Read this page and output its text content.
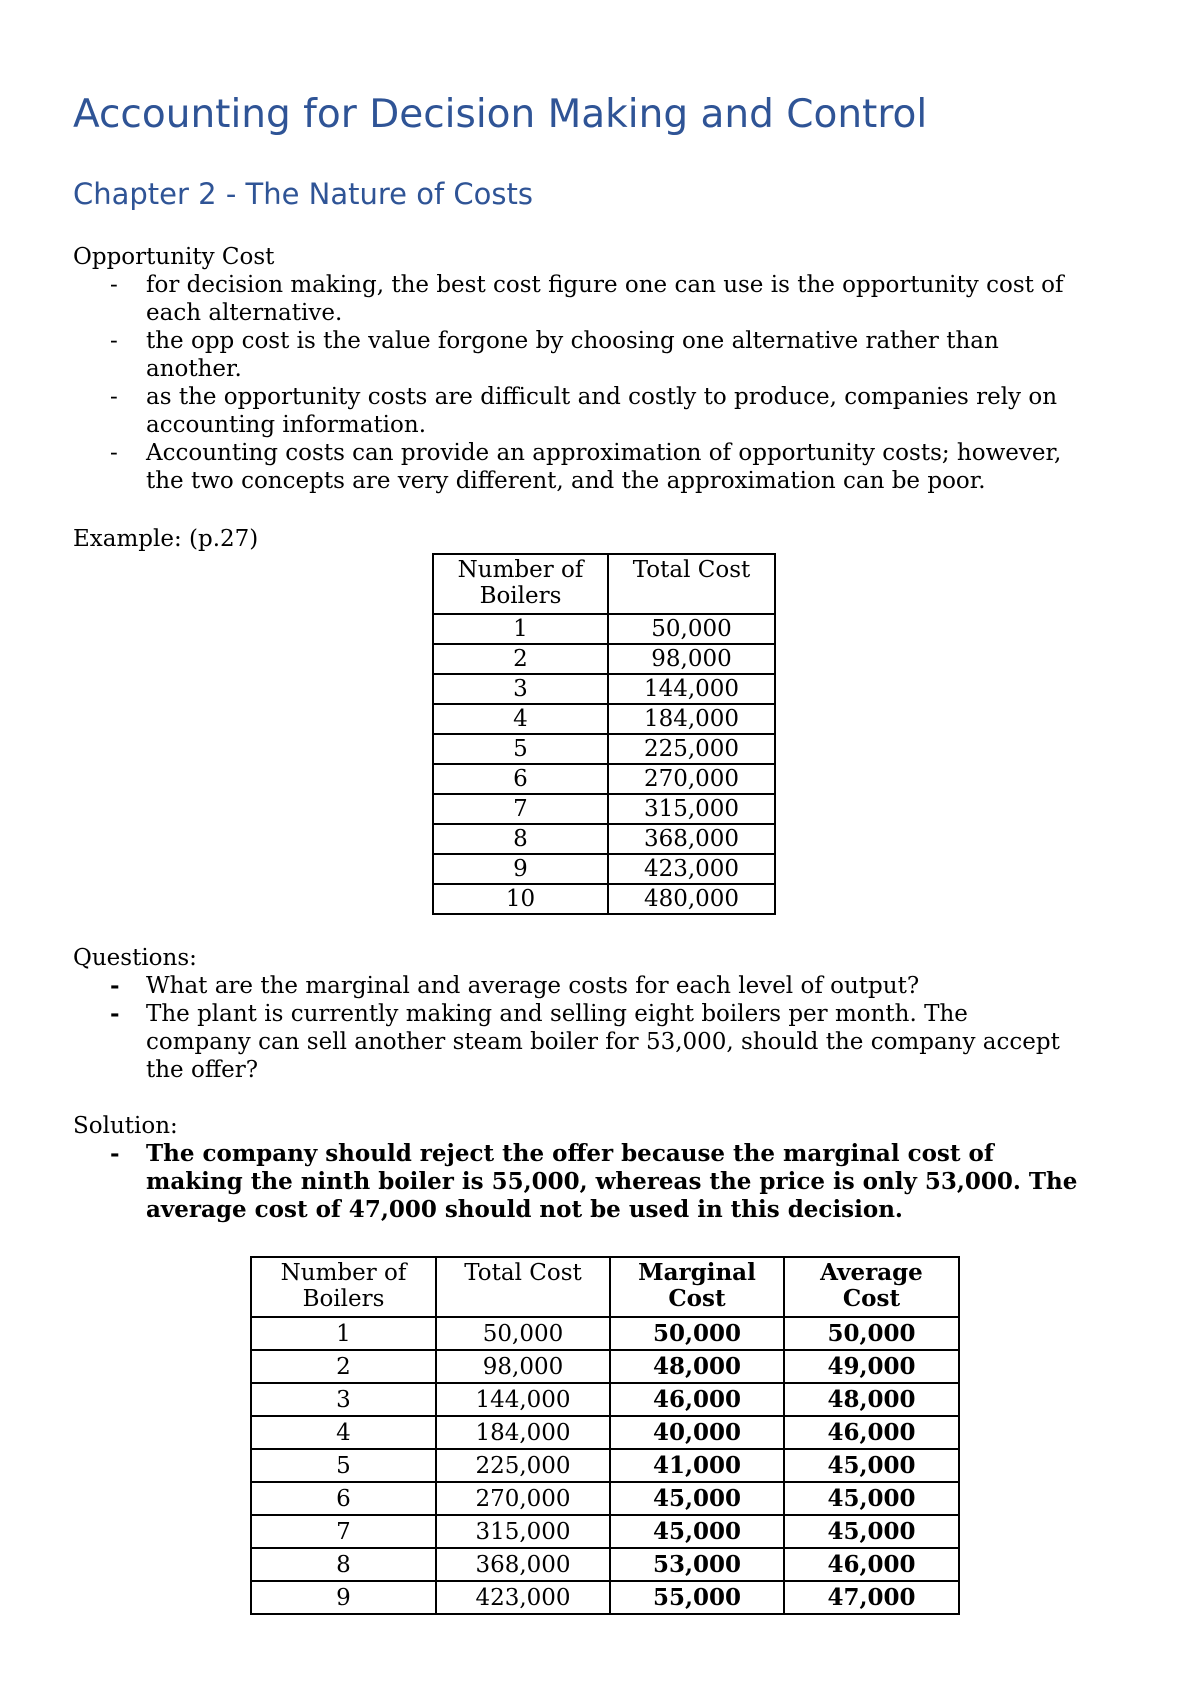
Accounting for Decision Making and Control
Chapter 2 - The Nature of Costs

Opportunity Cost

- for decision making, the best cost figure one can use is the opportunity cost of
each alternative.
- the opp cost is the value forgone by choosing one alternative rather than
another.
- as the opportunity costs are difficult and costly to produce, companies rely on
accounting information.
- Accounting costs can provide an approximation of opportunity costs; however,
the two concepts are very different, and the approximation can be poor.

Example: (p.27)

Number of
Boilers	Total Cost

1	50,000
2	98,000
3	144,000
4	184,000
5	225,000
6	270,000
7	315,000
8	368,000
9	423,000
10	480,000

Questions:

- What are the marginal and average costs for each level of output?
- The plant is currently making and selling eight boilers per month. The
company can sell another steam boiler for 53,000, should the company accept
the offer?

Solution:

- The company should reject the offer because the marginal cost of
making the ninth boiler is 55,000, whereas the price is only 53,000. The
average cost of 47,000 should not be used in this decision.
Number of
Boilers	Total Cost	Marginal
Cost	Average
Cost
1	50,000	50,000	50,000
2	98,000	48,000	49,000
3	144,000	46,000	48,000
4	184,000	40,000	46,000
5	225,000	41,000	45,000
6	270,000	45,000	45,000
7	315,000	45,000	45,000
8	368,000	53,000	46,000
9	423,000	55,000	47,000
